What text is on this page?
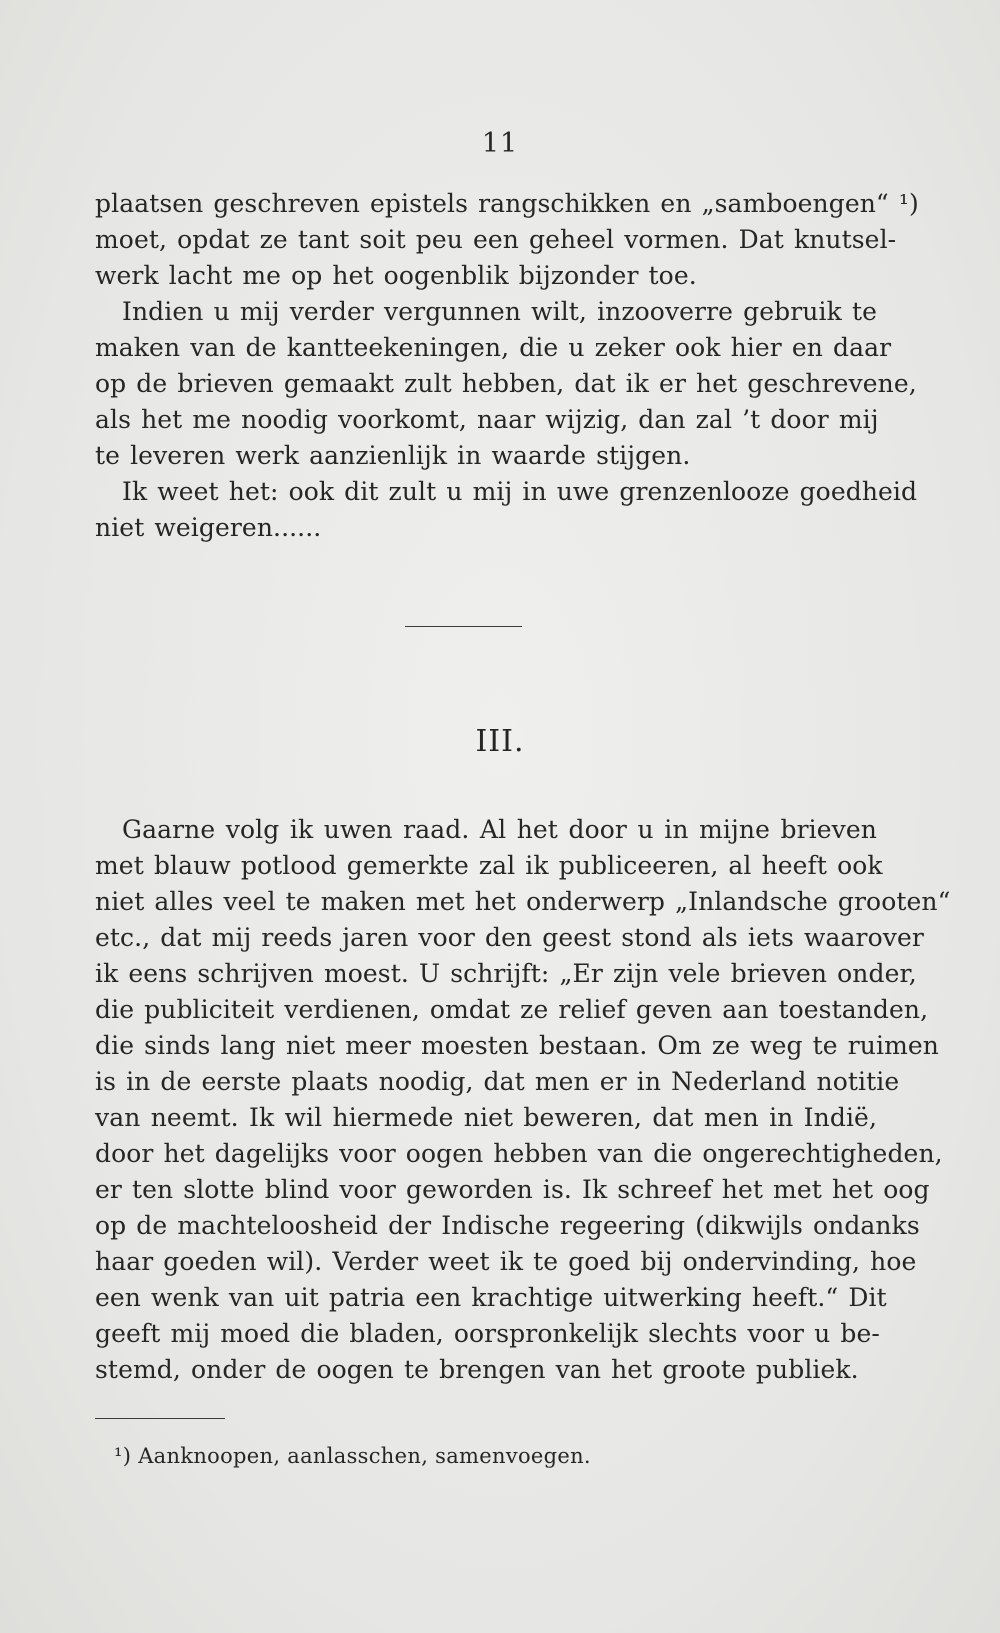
11
plaatsen geschreven epistels rangschikken en „samboengen“ ¹)
moet, opdat ze tant soit peu een geheel vormen. Dat knutsel-
werk lacht me op het oogenblik bijzonder toe.
Indien u mij verder vergunnen wilt, inzooverre gebruik te
maken van de kantteekeningen, die u zeker ook hier en daar
op de brieven gemaakt zult hebben, dat ik er het geschrevene,
als het me noodig voorkomt, naar wijzig, dan zal ’t door mij
te leveren werk aanzienlijk in waarde stijgen.
Ik weet het: ook dit zult u mij in uwe grenzenlooze goedheid
niet weigeren......
III.
Gaarne volg ik uwen raad. Al het door u in mijne brieven
met blauw potlood gemerkte zal ik publiceeren, al heeft ook
niet alles veel te maken met het onderwerp „Inlandsche grooten“
etc., dat mij reeds jaren voor den geest stond als iets waarover
ik eens schrijven moest. U schrijft: „Er zijn vele brieven onder,
die publiciteit verdienen, omdat ze relief geven aan toestanden,
die sinds lang niet meer moesten bestaan. Om ze weg te ruimen
is in de eerste plaats noodig, dat men er in Nederland notitie
van neemt. Ik wil hiermede niet beweren, dat men in Indië,
door het dagelijks voor oogen hebben van die ongerechtigheden,
er ten slotte blind voor geworden is. Ik schreef het met het oog
op de machteloosheid der Indische regeering (dikwijls ondanks
haar goeden wil). Verder weet ik te goed bij ondervinding, hoe
een wenk van uit patria een krachtige uitwerking heeft.“ Dit
geeft mij moed die bladen, oorspronkelijk slechts voor u be-
stemd, onder de oogen te brengen van het groote publiek.
¹) Aanknoopen, aanlasschen, samenvoegen.
